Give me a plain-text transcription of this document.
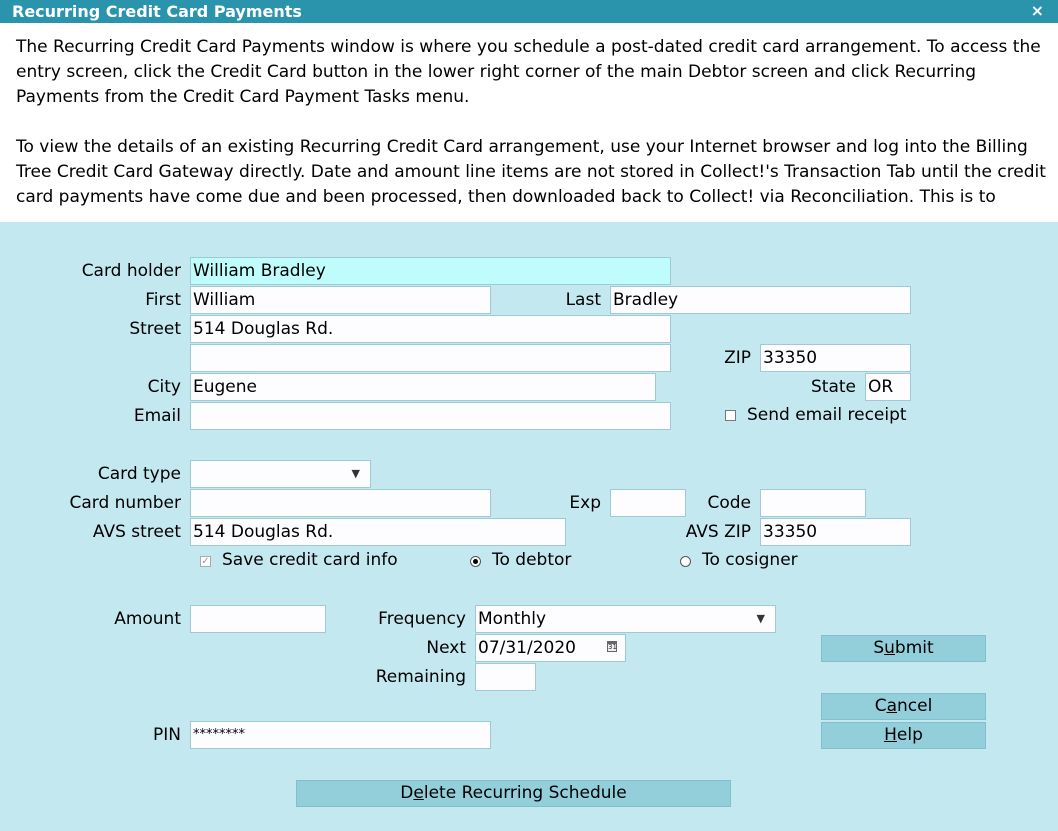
Recurring Credit Card Payments	×

The Recurring Credit Card Payments window is where you schedule a post-dated credit card arrangement. To access the entry screen, click the Credit Card button in the lower right corner of the main Debtor screen and click Recurring Payments from the Credit Card Payment Tasks menu.

To view the details of an existing Recurring Credit Card arrangement, use your Internet browser and log into the Billing Tree Credit Card Gateway directly. Date and amount line items are not stored in Collect!'s Transaction Tab until the credit card payments have come due and been processed, then downloaded back to Collect! via Reconciliation. This is to

Card holder William Bradley
First William	Last Bradley
Street 514 Douglas Rd.
ZIP 33350
City Eugene	State OR
Email	Send email receipt
Card type	▼
Card number	Exp	Code
AVS street 514 Douglas Rd.	AVS ZIP 33350
✓ Save credit card info	To debtor	To cosigner
Amount	Frequency Monthly	▼
Next 07/31/2020	31
Remaining
PIN ********
Submit
Cancel
Help
Delete Recurring Schedule
